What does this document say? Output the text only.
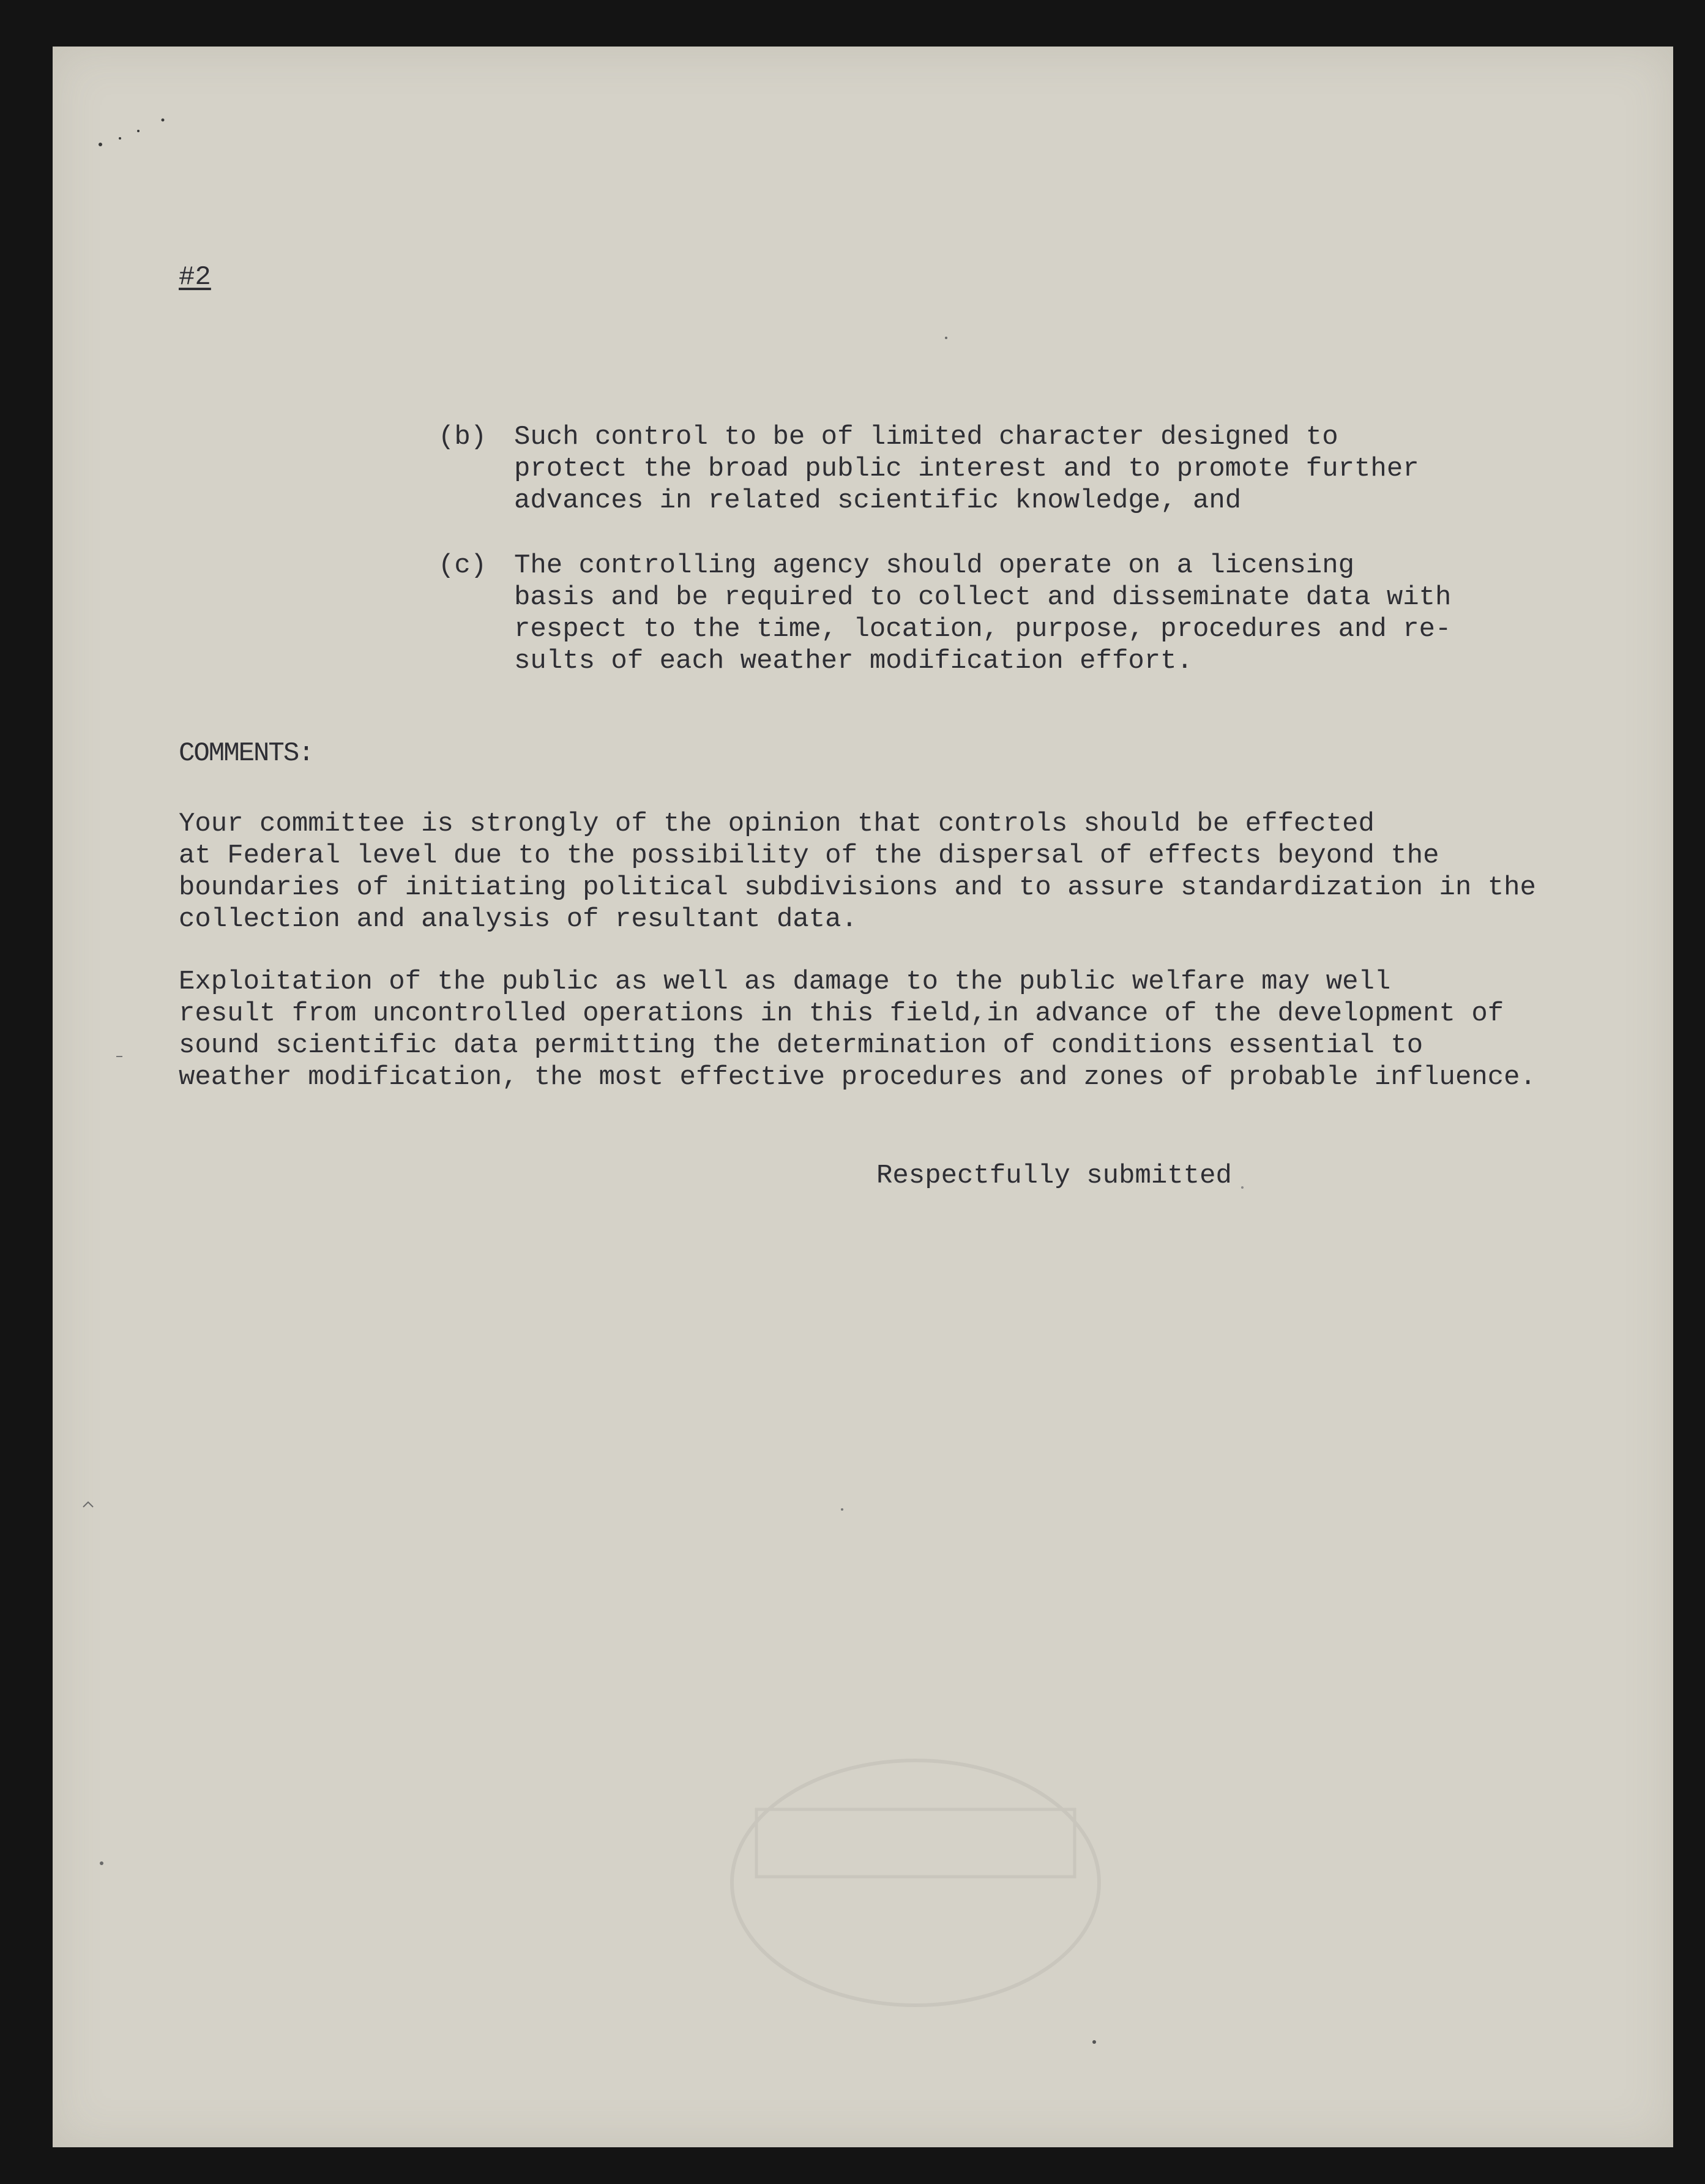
#2
(b) Such control to be of limited character designed to
protect the broad public interest and to promote further
advances in related scientific knowledge, and
(c) The controlling agency should operate on a licensing
basis and be required to collect and disseminate data with
respect to the time, location, purpose, procedures and re-
sults of each weather modification effort.
COMMENTS:
Your committee is strongly of the opinion that controls should be effected
at Federal level due to the possibility of the dispersal of effects beyond the
boundaries of initiating political subdivisions and to assure standardization in the
collection and analysis of resultant data.
Exploitation of the public as well as damage to the public welfare may well
result from uncontrolled operations in this field,in advance of the development of
sound scientific data permitting the determination of conditions essential to
weather modification, the most effective procedures and zones of probable influence.
Respectfully submitted
